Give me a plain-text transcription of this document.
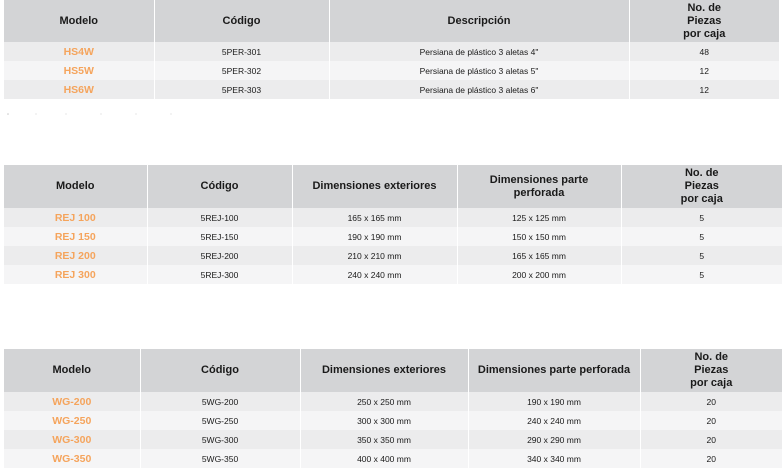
Modelo	Código	Descripción	No. de
Piezas
por caja
HS4W	5PER-301	Persiana de plástico 3 aletas 4"	48
HS5W	5PER-302	Persiana de plástico 3 aletas 5"	12
HS6W	5PER-303	Persiana de plástico 3 aletas 6"	12
Modelo	Código	Dimensiones exteriores	Dimensiones parte
perforada	No. de
Piezas
por caja
REJ 100	5REJ-100	165 x 165 mm	125 x 125 mm	5
REJ 150	5REJ-150	190 x 190 mm	150 x 150 mm	5
REJ 200	5REJ-200	210 x 210 mm	165 x 165 mm	5
REJ 300	5REJ-300	240 x 240 mm	200 x 200 mm	5
Modelo	Código	Dimensiones exteriores	Dimensiones parte perforada	No. de
Piezas
por caja
WG-200	5WG-200	250 x 250 mm	190 x 190 mm	20
WG-250	5WG-250	300 x 300 mm	240 x 240 mm	20
WG-300	5WG-300	350 x 350 mm	290 x 290 mm	20
WG-350	5WG-350	400 x 400 mm	340 x 340 mm	20
